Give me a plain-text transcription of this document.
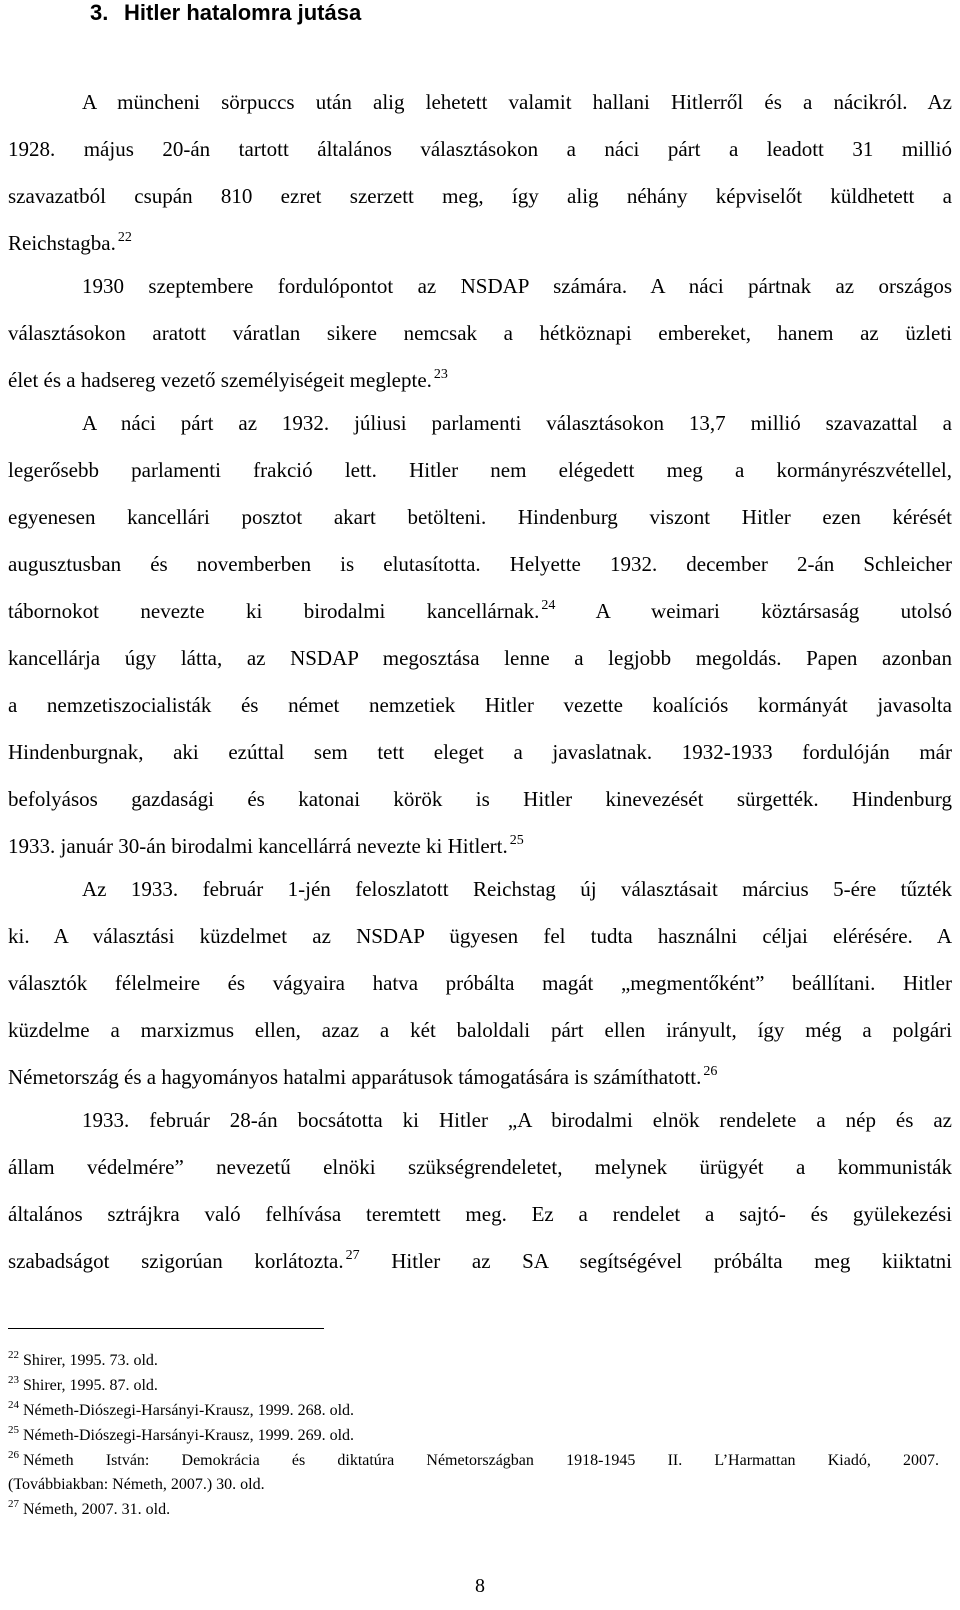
3. Hitler hatalomra jutása
A müncheni sörpuccs után alig lehetett valamit hallani Hitlerről és a nácikról. Az
1928. május 20-án tartott általános választásokon a náci párt a leadott 31 millió
szavazatból csupán 810 ezret szerzett meg, így alig néhány képviselőt küldhetett a
Reichstagba. $^{22}$
1930 szeptembere fordulópontot az NSDAP számára. A náci pártnak az országos
választásokon aratott váratlan sikere nemcsak a hétköznapi embereket, hanem az üzleti
élet és a hadsereg vezető személyiségeit meglepte. $^{23}$
A náci párt az 1932. júliusi parlamenti választásokon 13,7 millió szavazattal a
legerősebb parlamenti frakció lett. Hitler nem elégedett meg a kormányrészvétellel,
egyenesen kancellári posztot akart betölteni. Hindenburg viszont Hitler ezen kérését
augusztusban és novemberben is elutasította. Helyette 1932. december 2-án Schleicher
tábornokot nevezte ki birodalmi kancellárnak. $^{24}$ A weimari köztársaság utolsó
kancellárja úgy látta, az NSDAP megosztása lenne a legjobb megoldás. Papen azonban
a nemzetiszocialisták és német nemzetiek Hitler vezette koalíciós kormányát javasolta
Hindenburgnak, aki ezúttal sem tett eleget a javaslatnak. 1932-1933 fordulóján már
befolyásos gazdasági és katonai körök is Hitler kinevezését sürgették. Hindenburg
1933. január 30-án birodalmi kancellárrá nevezte ki Hitlert. $^{25}$
Az 1933. február 1-jén feloszlatott Reichstag új választásait március 5-ére tűzték
ki. A választási küzdelmet az NSDAP ügyesen fel tudta használni céljai elérésére. A
választók félelmeire és vágyaira hatva próbálta magát „megmentőként” beállítani. Hitler
küzdelme a marxizmus ellen, azaz a két baloldali párt ellen irányult, így még a polgári
Németország és a hagyományos hatalmi apparátusok támogatására is számíthatott. $^{26}$
1933. február 28-án bocsátotta ki Hitler „A birodalmi elnök rendelete a nép és az
állam védelmére” nevezetű elnöki szükségrendeletet, melynek ürügyét a kommunisták
általános sztrájkra való felhívása teremtett meg. Ez a rendelet a sajtó- és gyülekezési
szabadságot szigorúan korlátozta. $^{27}$ Hitler az SA segítségével próbálta meg kiiktatni
$^{22}$ Shirer, 1995. 73. old.
$^{23}$ Shirer, 1995. 87. old.
$^{24}$ Németh-Diószegi-Harsányi-Krausz, 1999. 268. old.
$^{25}$ Németh-Diószegi-Harsányi-Krausz, 1999. 269. old.
$^{26}$ Németh István: Demokrácia és diktatúra Németországban 1918-1945 II. L’Harmattan Kiadó, 2007.
(Továbbiakban: Németh, 2007.) 30. old.
$^{27}$ Németh, 2007. 31. old.
8
